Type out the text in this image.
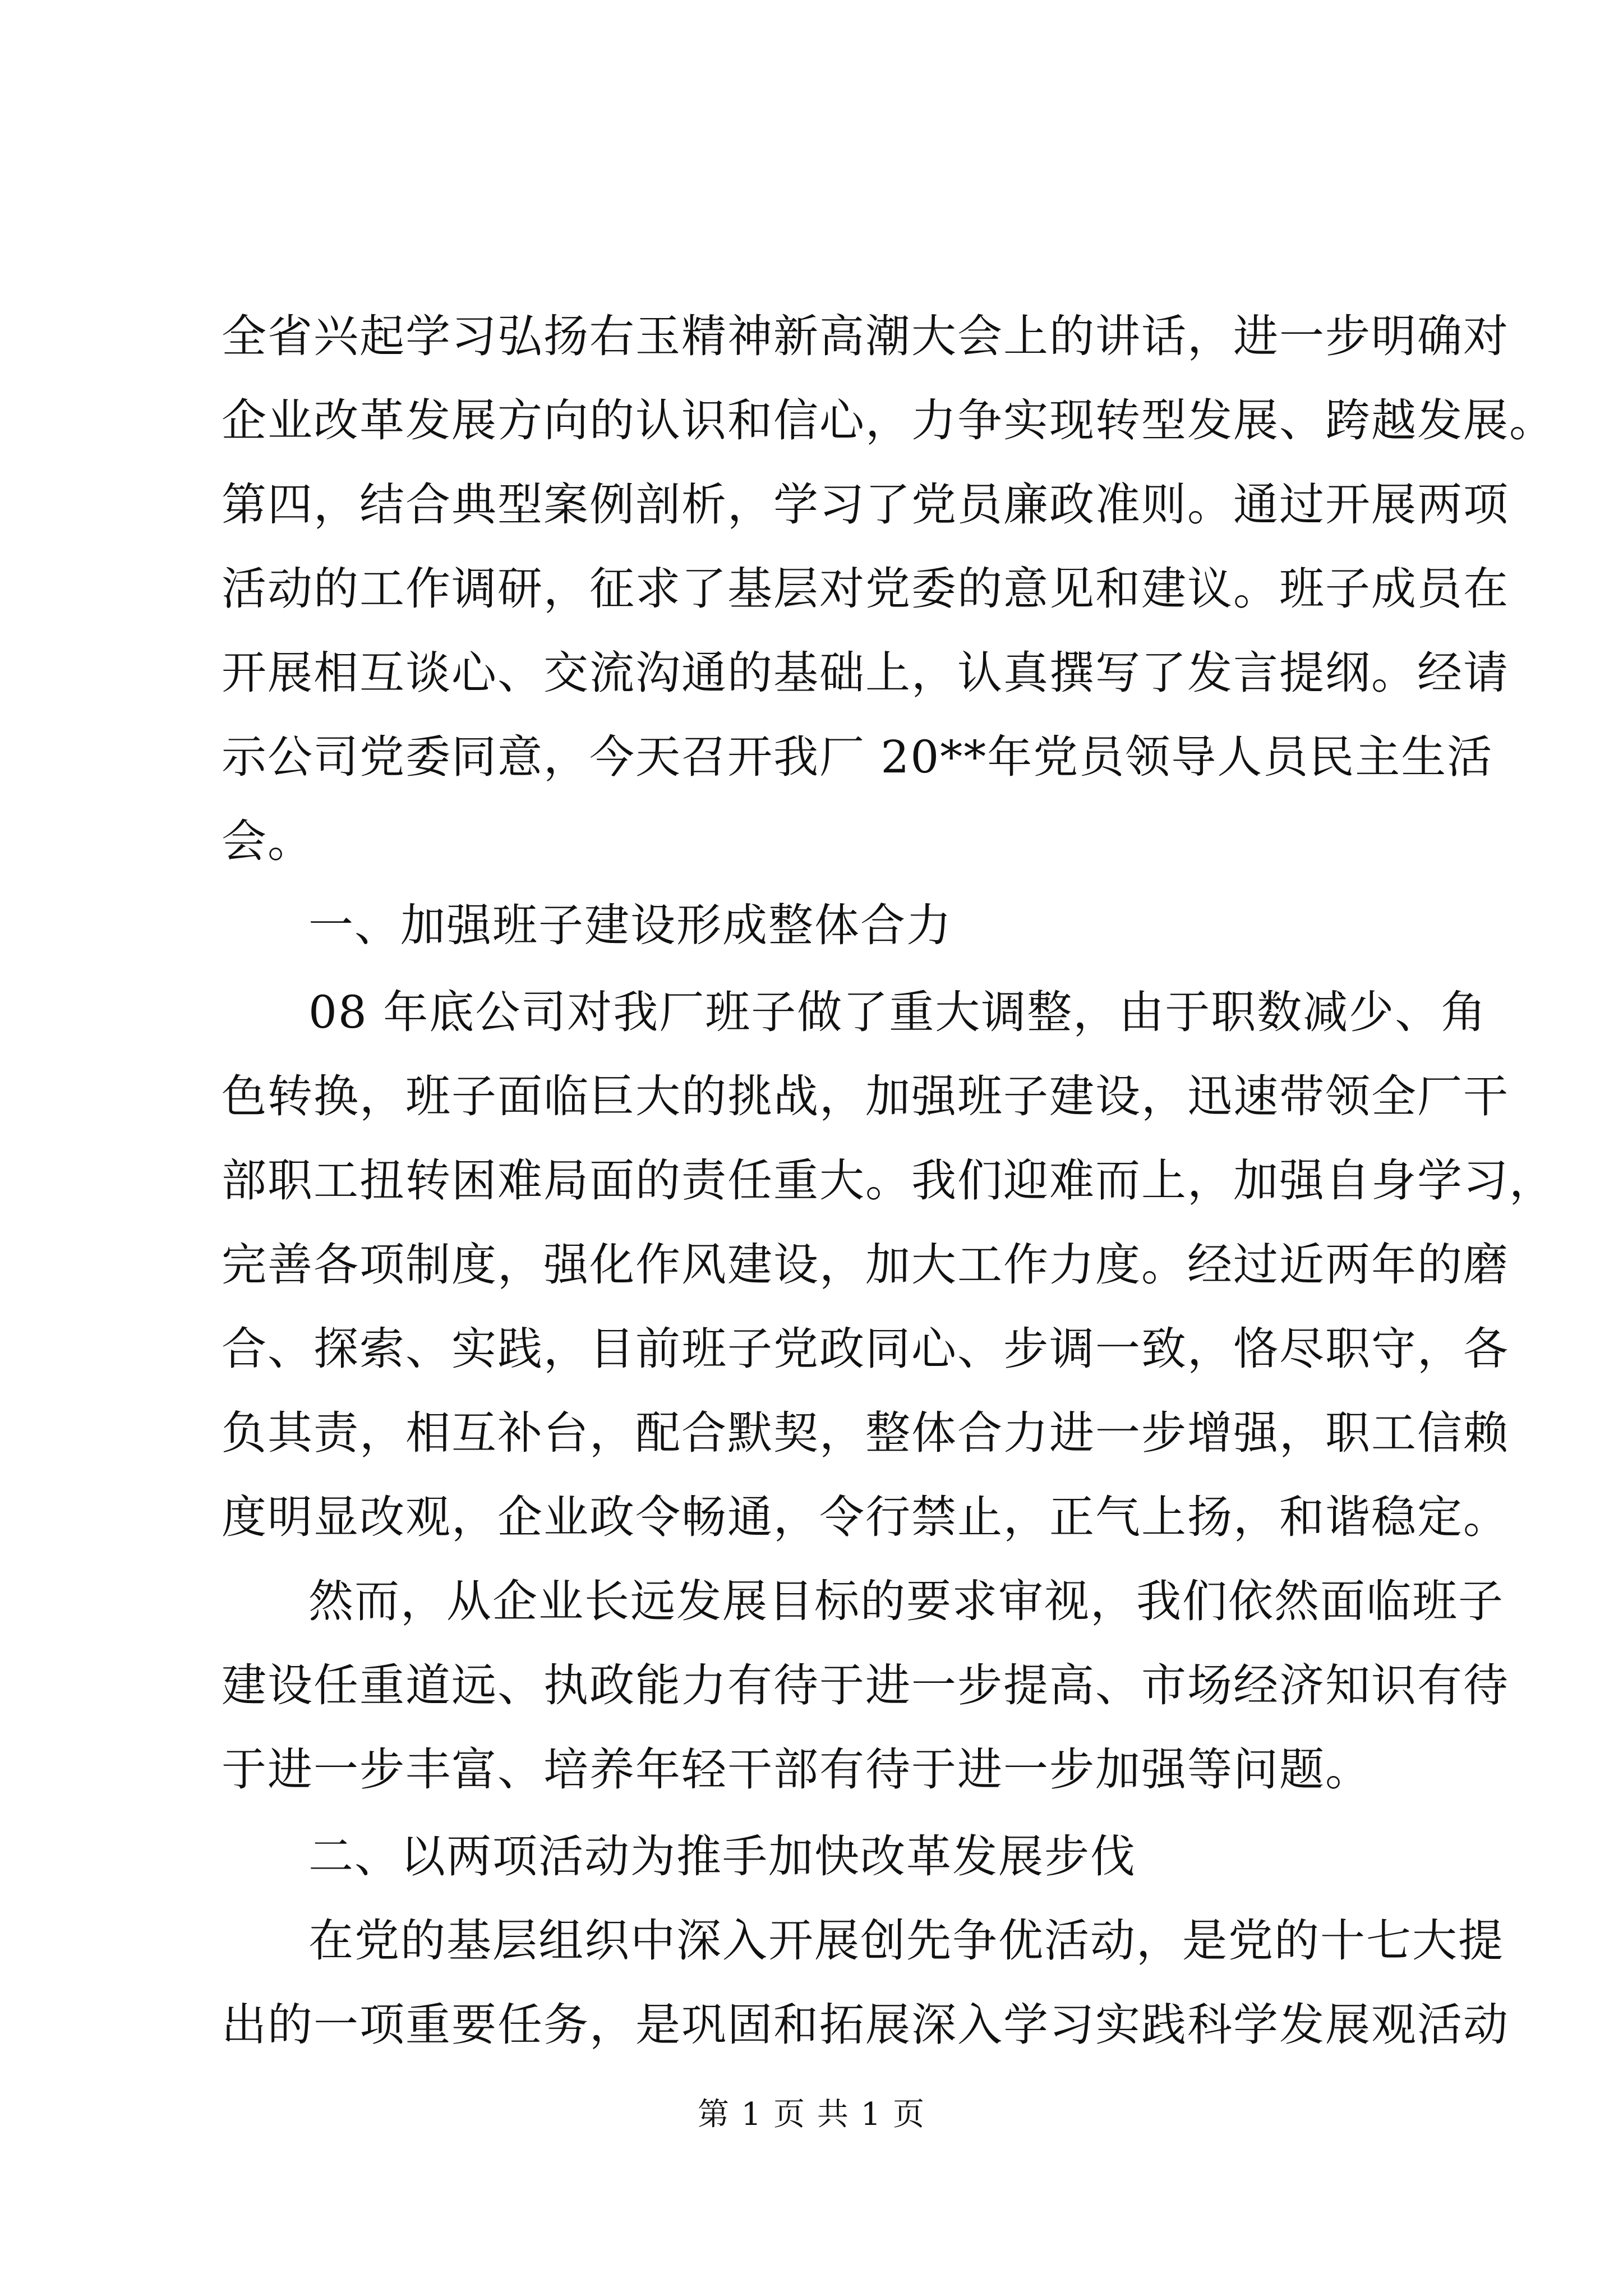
全省兴起学习弘扬右玉精神新高潮大会上的讲话，进一步明确对
企业改革发展方向的认识和信心，力争实现转型发展、跨越发展。
第四，结合典型案例剖析，学习了党员廉政准则。通过开展两项
活动的工作调研，征求了基层对党委的意见和建议。班子成员在
开展相互谈心、交流沟通的基础上，认真撰写了发言提纲。经请
示公司党委同意，今天召开我厂 20**年党员领导人员民主生活
会。
一、加强班子建设形成整体合力
08 年底公司对我厂班子做了重大调整，由于职数减少、角
色转换，班子面临巨大的挑战，加强班子建设，迅速带领全厂干
部职工扭转困难局面的责任重大。我们迎难而上，加强自身学习，
完善各项制度，强化作风建设，加大工作力度。经过近两年的磨
合、探索、实践，目前班子党政同心、步调一致，恪尽职守，各
负其责，相互补台，配合默契，整体合力进一步增强，职工信赖
度明显改观，企业政令畅通，令行禁止，正气上扬，和谐稳定。
然而，从企业长远发展目标的要求审视，我们依然面临班子
建设任重道远、执政能力有待于进一步提高、市场经济知识有待
于进一步丰富、培养年轻干部有待于进一步加强等问题。
二、以两项活动为推手加快改革发展步伐
在党的基层组织中深入开展创先争优活动，是党的十七大提
出的一项重要任务，是巩固和拓展深入学习实践科学发展观活动
第 1 页 共 1 页
